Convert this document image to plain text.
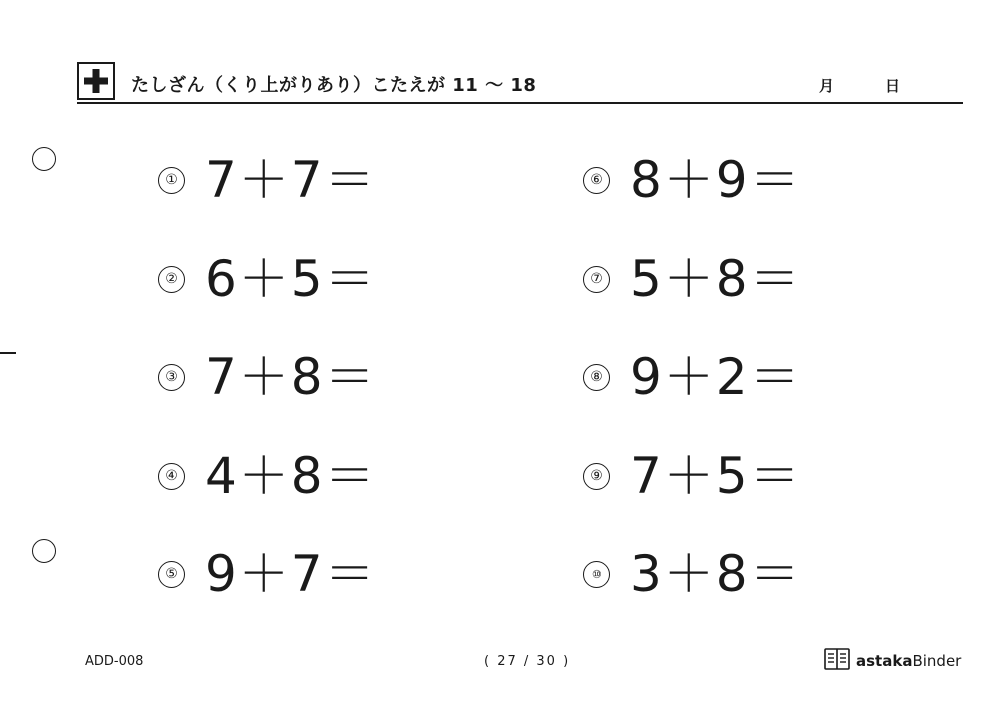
たしざん（くり上がりあり）こたえが 11 〜 18	月	日
① 7＋7＝
② 6＋5＝
③ 7＋8＝
④ 4＋8＝
⑤ 9＋7＝
⑥ 8＋9＝
⑦ 5＋8＝
⑧ 9＋2＝
⑨ 7＋5＝
⑩ 3＋8＝
ADD-008	( 27 / 30 )	astakaBinder
